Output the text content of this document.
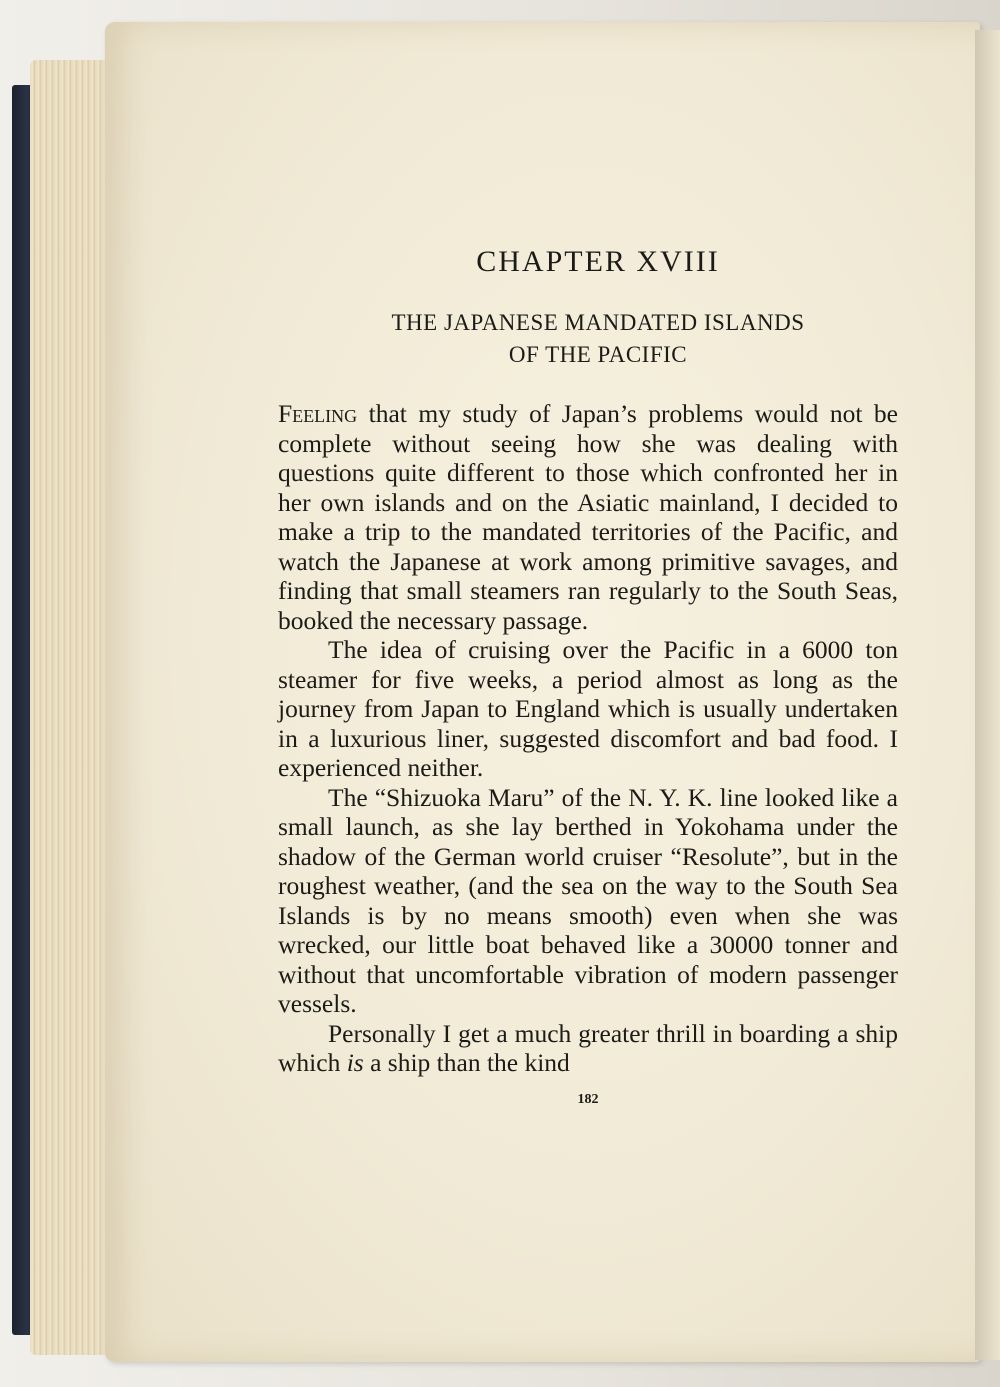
CHAPTER XVIII
THE JAPANESE MANDATED ISLANDS
OF THE PACIFIC

Feeling that my study of Japan’s problems would not be complete without seeing how she was dealing with questions quite different to those which confronted her in her own islands and on the Asiatic mainland, I decided to make a trip to the mandated territories of the Pacific, and watch the Japanese at work among primitive savages, and finding that small steamers ran regularly to the South Seas, booked the necessary passage.

The idea of cruising over the Pacific in a 6000 ton steamer for five weeks, a period almost as long as the journey from Japan to England which is usually undertaken in a luxurious liner, suggested discomfort and bad food. I experienced neither.

The “Shizuoka Maru” of the N. Y. K. line looked like a small launch, as she lay berthed in Yokohama under the shadow of the German world cruiser “Resolute”, but in the roughest weather, (and the sea on the way to the South Sea Islands is by no means smooth) even when she was wrecked, our little boat behaved like a 30000 tonner and without that uncomfortable vibration of modern passenger vessels.

Personally I get a much greater thrill in boarding a ship which is a ship than the kind

182
